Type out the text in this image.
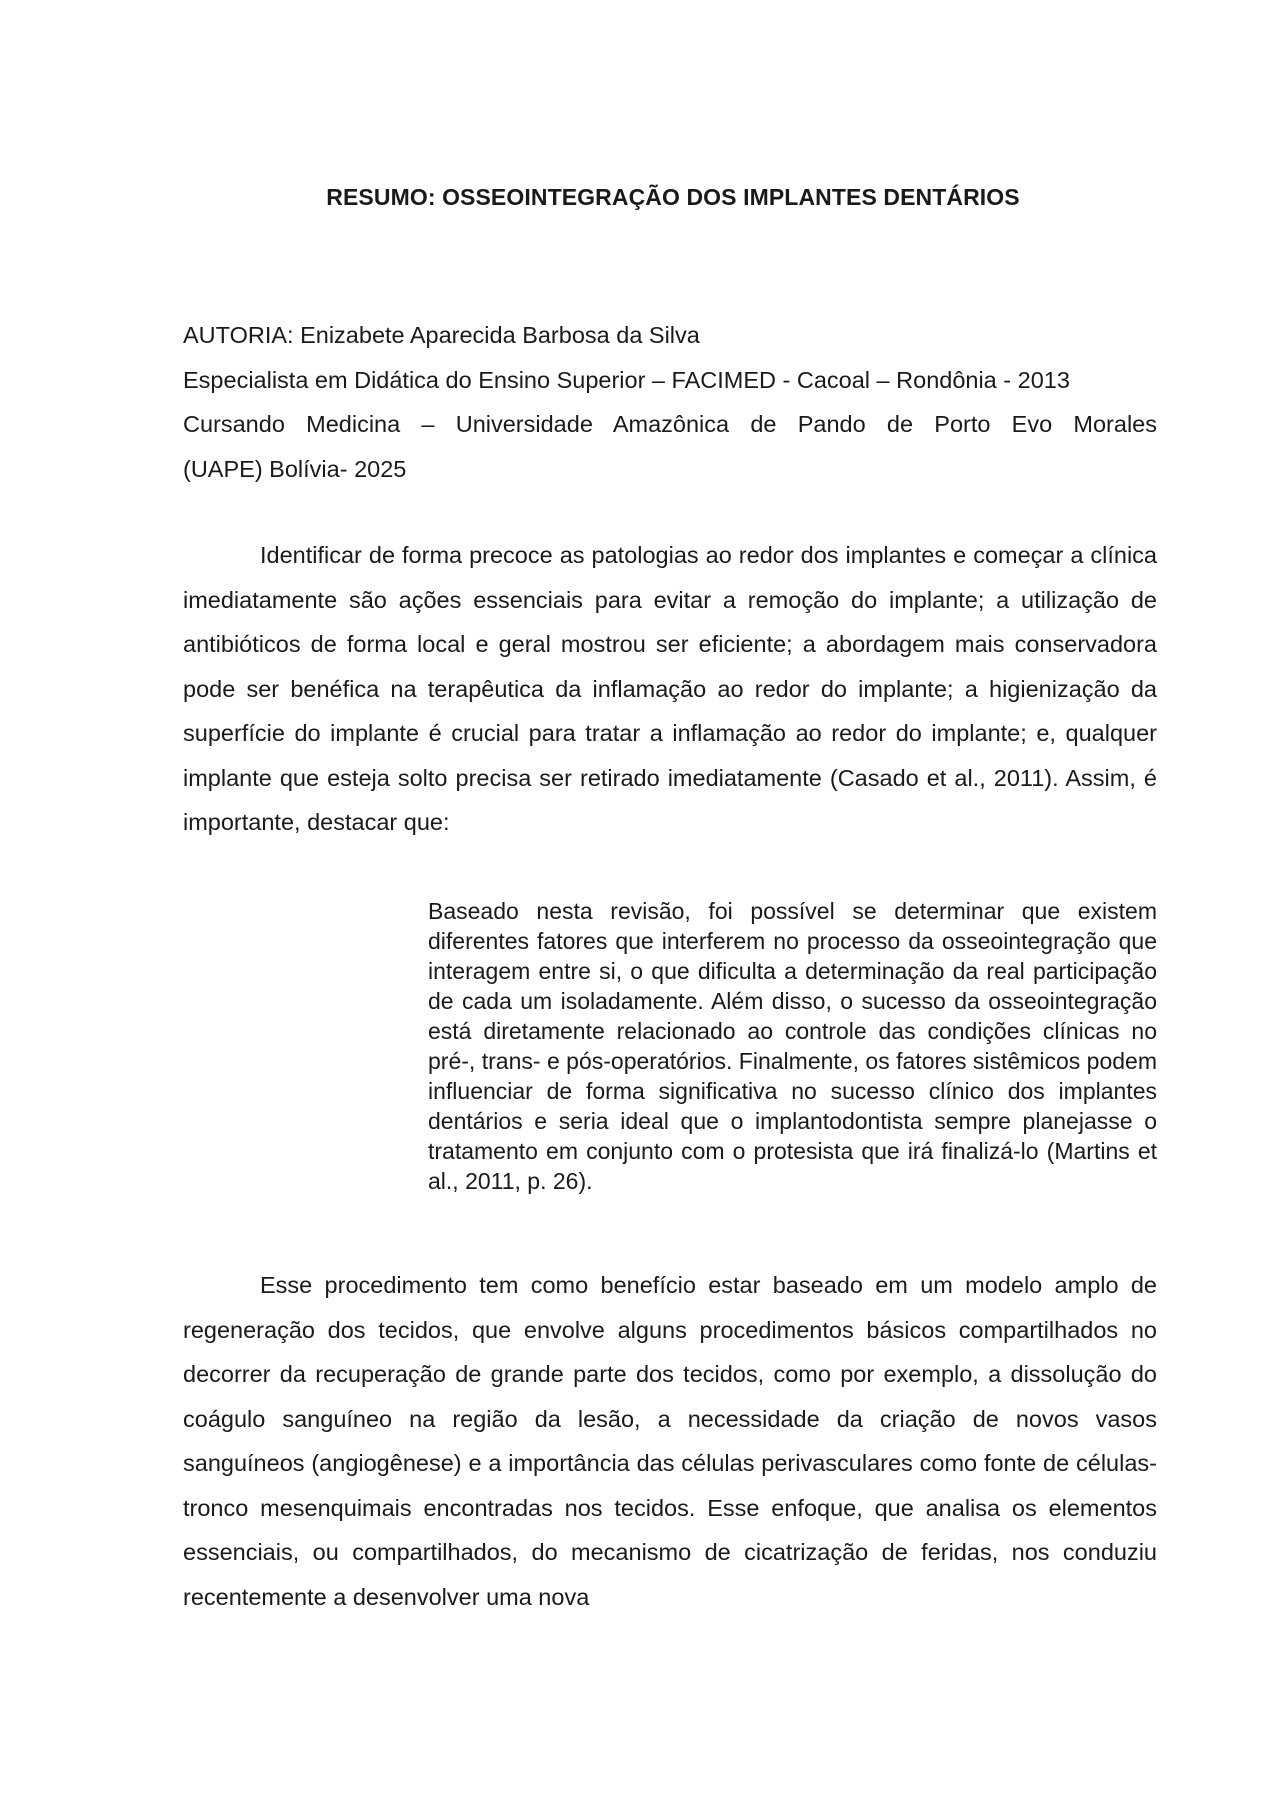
RESUMO: OSSEOINTEGRAÇÃO DOS IMPLANTES DENTÁRIOS
AUTORIA: Enizabete Aparecida Barbosa da Silva
Especialista em Didática do Ensino Superior – FACIMED - Cacoal – Rondônia - 2013
Cursando Medicina – Universidade Amazônica de Pando de Porto Evo Morales
(UAPE) Bolívia- 2025

Identificar de forma precoce as patologias ao redor dos implantes e começar a clínica imediatamente são ações essenciais para evitar a remoção do implante; a utilização de antibióticos de forma local e geral mostrou ser eficiente; a abordagem mais conservadora pode ser benéfica na terapêutica da inflamação ao redor do implante; a higienização da superfície do implante é crucial para tratar a inflamação ao redor do implante; e, qualquer implante que esteja solto precisa ser retirado imediatamente (Casado et al., 2011). Assim, é importante, destacar que:

Baseado nesta revisão, foi possível se determinar que existem diferentes fatores que interferem no processo da osseointegração que interagem entre si, o que dificulta a determinação da real participação de cada um isoladamente. Além disso, o sucesso da osseointegração está diretamente relacionado ao controle das condições clínicas no pré-, trans- e pós-operatórios. Finalmente, os fatores sistêmicos podem influenciar de forma significativa no sucesso clínico dos implantes dentários e seria ideal que o implantodontista sempre planejasse o tratamento em conjunto com o protesista que irá finalizá-lo (Martins et al., 2011, p. 26).

Esse procedimento tem como benefício estar baseado em um modelo amplo de regeneração dos tecidos, que envolve alguns procedimentos básicos compartilhados no decorrer da recuperação de grande parte dos tecidos, como por exemplo, a dissolução do coágulo sanguíneo na região da lesão, a necessidade da criação de novos vasos sanguíneos (angiogênese) e a importância das células perivasculares como fonte de células-tronco mesenquimais encontradas nos tecidos. Esse enfoque, que analisa os elementos essenciais, ou compartilhados, do mecanismo de cicatrização de feridas, nos conduziu recentemente a desenvolver uma nova
